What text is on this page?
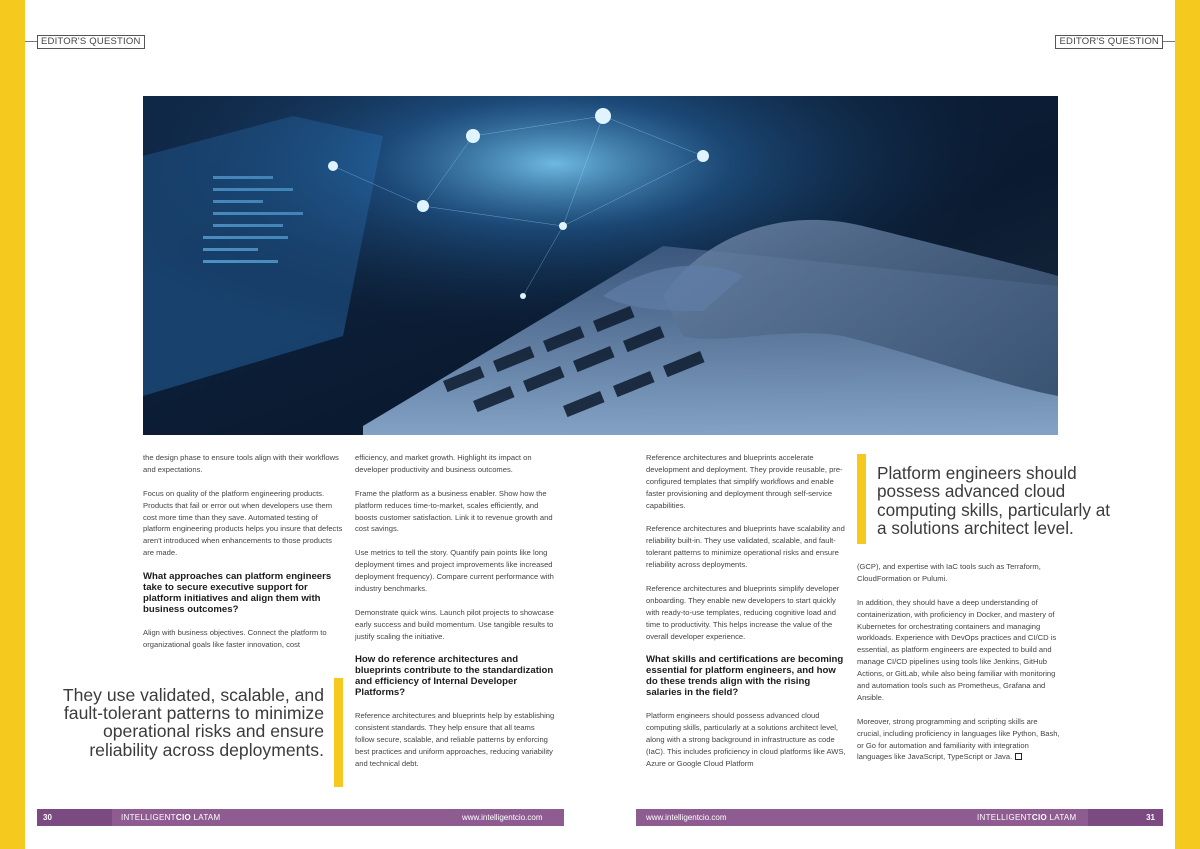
EDITOR'S QUESTION	EDITOR'S QUESTION

the design phase to ensure tools align with their workflows and expectations.

Focus on quality of the platform engineering products. Products that fail or error out when developers use them cost more time than they save. Automated testing of platform engineering products helps you insure that defects aren't introduced when enhancements to those products are made.

What approaches can platform engineers take to secure executive support for platform initiatives and align them with business outcomes?

Align with business objectives. Connect the platform to organizational goals like faster innovation, cost

They use validated, scalable, and fault-tolerant patterns to minimize operational risks and ensure reliability across deployments.

efficiency, and market growth. Highlight its impact on developer productivity and business outcomes.

Frame the platform as a business enabler. Show how the platform reduces time-to-market, scales efficiently, and boosts customer satisfaction. Link it to revenue growth and cost savings.

Use metrics to tell the story. Quantify pain points like long deployment times and project improvements like increased deployment frequency). Compare current performance with industry benchmarks.

Demonstrate quick wins. Launch pilot projects to showcase early success and build momentum. Use tangible results to justify scaling the initiative.

How do reference architectures and blueprints contribute to the standardization and efficiency of Internal Developer Platforms?

Reference architectures and blueprints help by establishing consistent standards. They help ensure that all teams follow secure, scalable, and reliable patterns by enforcing best practices and uniform approaches, reducing variability and technical debt.

Reference architectures and blueprints accelerate development and deployment. They provide reusable, pre-configured templates that simplify workflows and enable faster provisioning and deployment through self-service capabilities.

Reference architectures and blueprints have scalability and reliability built-in. They use validated, scalable, and fault-tolerant patterns to minimize operational risks and ensure reliability across deployments.

Reference architectures and blueprints simplify developer onboarding. They enable new developers to start quickly with ready-to-use templates, reducing cognitive load and time to productivity. This helps increase the value of the overall developer experience.

What skills and certifications are becoming essential for platform engineers, and how do these trends align with the rising salaries in the field?

Platform engineers should possess advanced cloud computing skills, particularly at a solutions architect level, along with a strong background in infrastructure as code (IaC). This includes proficiency in cloud platforms like AWS, Azure or Google Cloud Platform

Platform engineers should possess advanced cloud computing skills, particularly at a solutions architect level.

(GCP), and expertise with IaC tools such as Terraform, CloudFormation or Pulumi.

In addition, they should have a deep understanding of containerization, with proficiency in Docker, and mastery of Kubernetes for orchestrating containers and managing workloads. Experience with DevOps practices and CI/CD is essential, as platform engineers are expected to build and manage CI/CD pipelines using tools like Jenkins, GitHub Actions, or GitLab, while also being familiar with monitoring and automation tools such as Prometheus, Grafana and Ansible.

Moreover, strong programming and scripting skills are crucial, including proficiency in languages like Python, Bash, or Go for automation and familiarity with integration languages like JavaScript, TypeScript or Java.

30	INTELLIGENTCIO LATAM	www.intelligentcio.com	www.intelligentcio.com	INTELLIGENTCIO LATAM	31
